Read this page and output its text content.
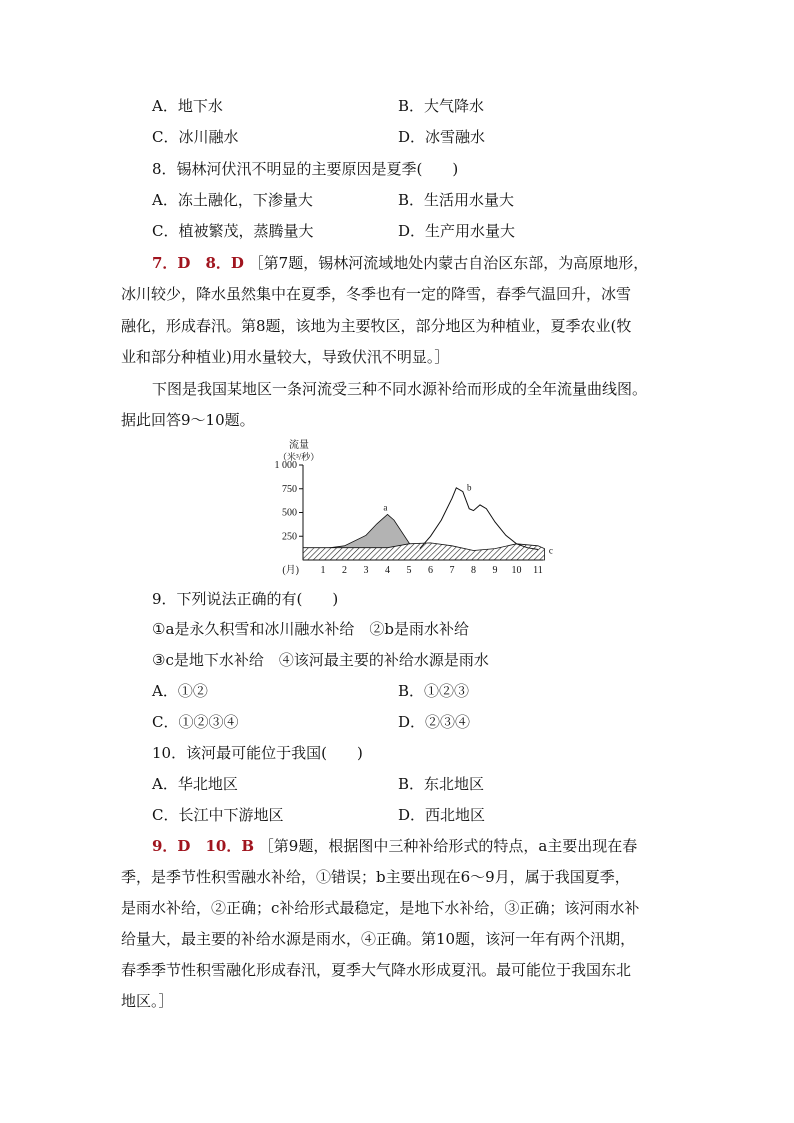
A．地下水	B．大气降水
C．冰川融水	D．冰雪融水
8．锡林河伏汛不明显的主要原因是夏季(　　)
A．冻土融化，下渗量大	B．生活用水量大
C．植被繁茂，蒸腾量大	D．生产用水量大
7．D　8．D ［第7题，锡林河流域地处内蒙古自治区东部，为高原地形，
冰川较少，降水虽然集中在夏季，冬季也有一定的降雪，春季气温回升，冰雪
融化，形成春汛。第8题，该地为主要牧区，部分地区为种植业，夏季农业(牧
业和部分种植业)用水量较大，导致伏汛不明显。］
下图是我国某地区一条河流受三种不同水源补给而形成的全年流量曲线图。
据此回答9～10题。
流量
（米³/秒）
250
500
750
1 000
(月) 1 2 3 4 5 6 7 8 9 10 11
a
b
c
9．下列说法正确的有(　　)
①a是永久积雪和冰川融水补给　②b是雨水补给
③c是地下水补给　④该河最主要的补给水源是雨水
A．①②	B．①②③
C．①②③④	D．②③④
10．该河最可能位于我国(　　)
A．华北地区	B．东北地区
C．长江中下游地区	D．西北地区
9．D　10．B ［第9题，根据图中三种补给形式的特点，a主要出现在春
季，是季节性积雪融水补给，①错误；b主要出现在6～9月，属于我国夏季，
是雨水补给，②正确；c补给形式最稳定，是地下水补给，③正确；该河雨水补
给量大，最主要的补给水源是雨水，④正确。第10题，该河一年有两个汛期，
春季季节性积雪融化形成春汛，夏季大气降水形成夏汛。最可能位于我国东北
地区。］
